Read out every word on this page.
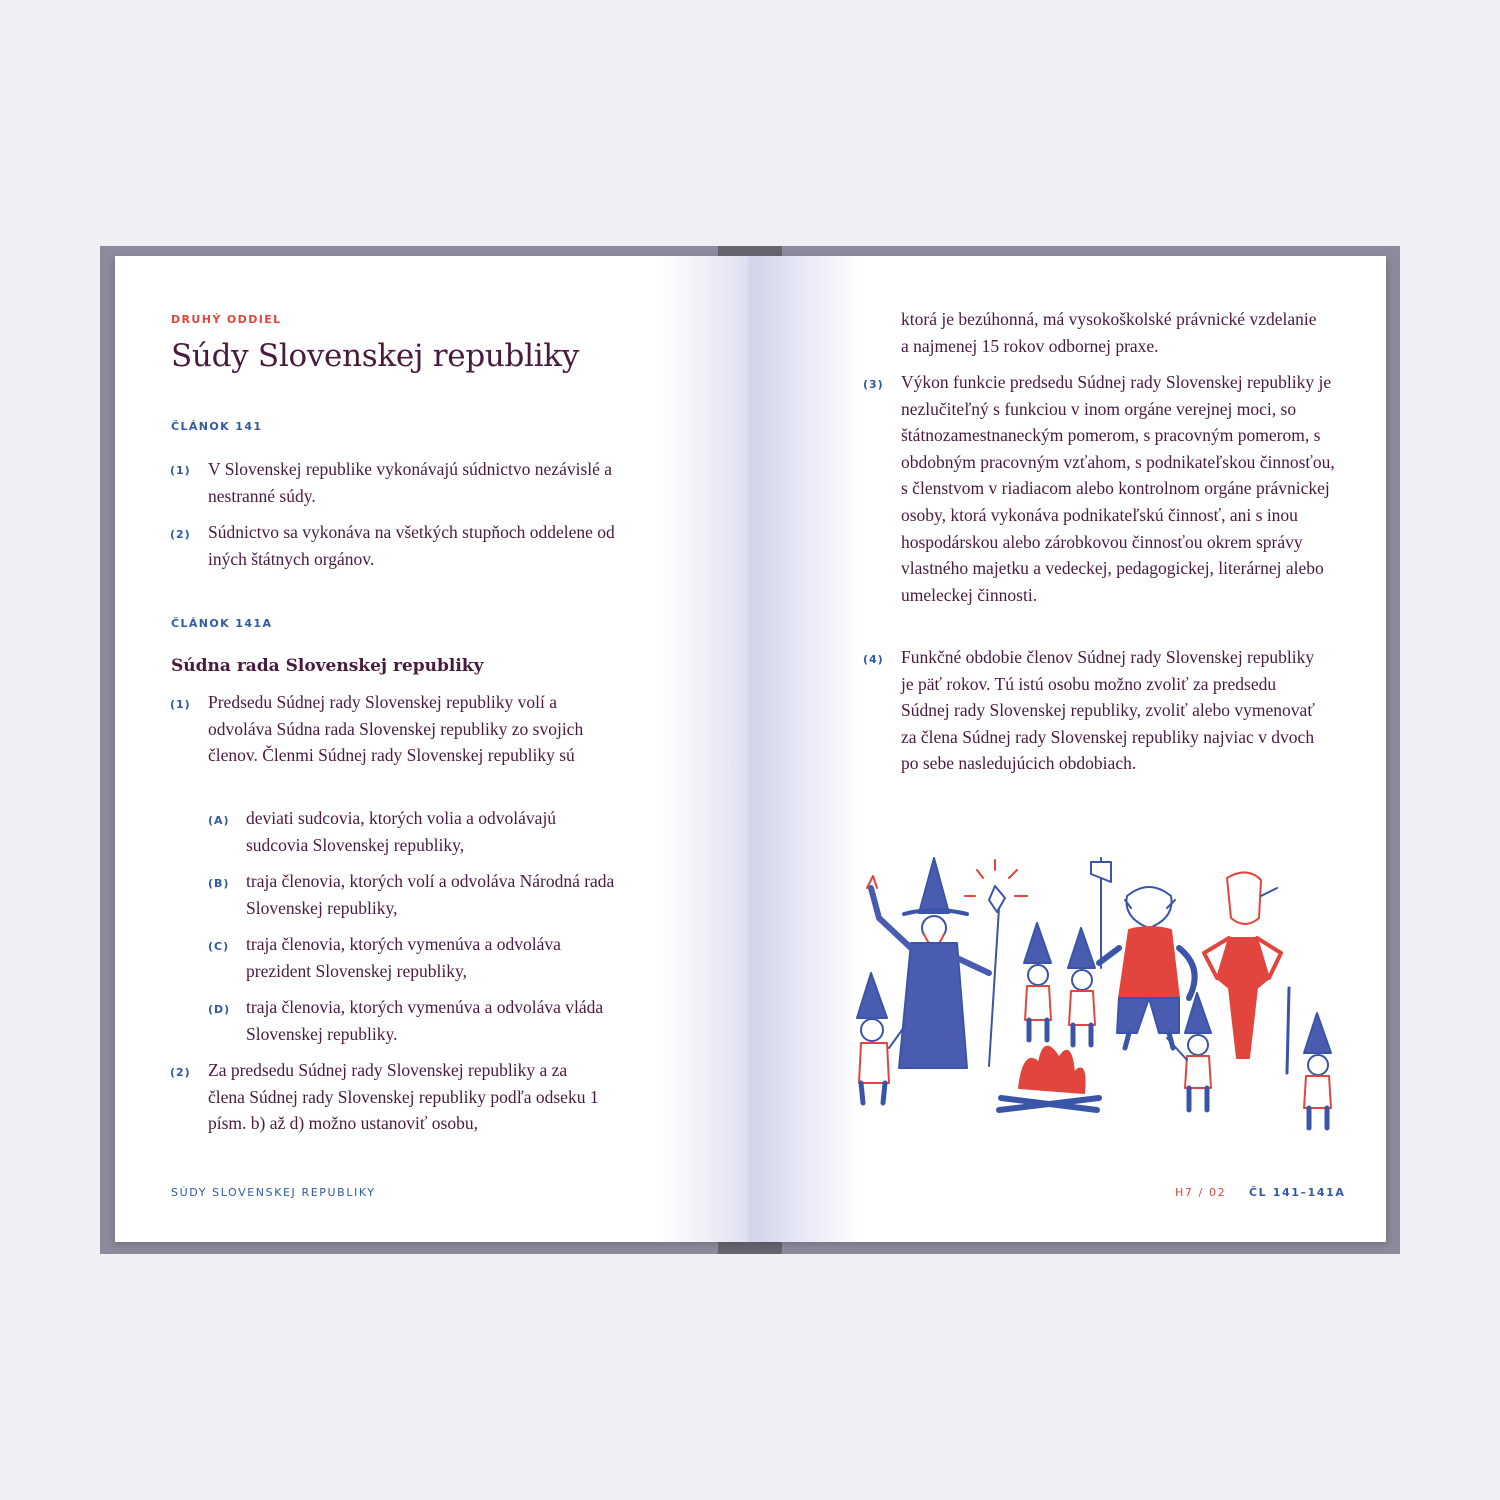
DRUHÝ ODDIEL
Súdy Slovenskej republiky
ČLÁNOK 141
(1) V Slovenskej republike vykonávajú súdnictvo nezávislé a nestranné súdy.
(2) Súdnictvo sa vykonáva na všetkých stupňoch oddelene od iných štátnych orgánov.
ČLÁNOK 141A
Súdna rada Slovenskej republiky
(1) Predsedu Súdnej rady Slovenskej republiky volí a odvoláva Súdna rada Slovenskej republiky zo svojich členov. Členmi Súdnej rady Slovenskej republiky sú
(A) deviati sudcovia, ktorých volia a odvolávajú sudcovia Slovenskej republiky,
(B) traja členovia, ktorých volí a odvoláva Národná rada Slovenskej republiky,
(C) traja členovia, ktorých vymenúva a odvoláva prezident Slovenskej republiky,
(D) traja členovia, ktorých vymenúva a odvoláva vláda Slovenskej republiky.
(2) Za predsedu Súdnej rady Slovenskej republiky a za člena Súdnej rady Slovenskej republiky podľa odseku 1 písm. b) až d) možno ustanoviť osobu,
SÚDY SLOVENSKEJ REPUBLIKY
ktorá je bezúhonná, má vysokoškolské právnické vzdelanie a najmenej 15 rokov odbornej praxe.
(3) Výkon funkcie predsedu Súdnej rady Slovenskej republiky je nezlučiteľný s funkciou v inom orgáne verejnej moci, so štátnozamestnaneckým pomerom, s pracovným pomerom, s obdobným pracovným vzťahom, s podnikateľskou činnosťou, s členstvom v riadiacom alebo kontrolnom orgáne právnickej osoby, ktorá vykonáva podnikateľskú činnosť, ani s inou hospodárskou alebo zárobkovou činnosťou okrem správy vlastného majetku a vedeckej, pedagogickej, literárnej alebo umeleckej činnosti.
(4) Funkčné obdobie členov Súdnej rady Slovenskej republiky je päť rokov. Tú istú osobu možno zvoliť za predsedu Súdnej rady Slovenskej republiky, zvoliť alebo vymenovať za člena Súdnej rady Slovenskej republiky najviac v dvoch po sebe nasledujúcich obdobiach.
H7 / 02 ČL 141–141A
